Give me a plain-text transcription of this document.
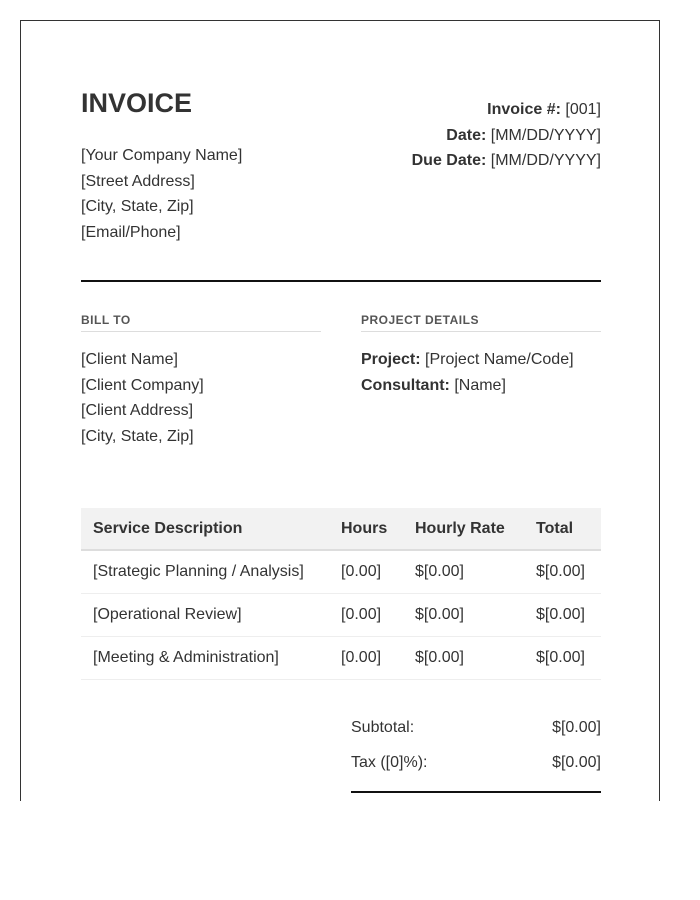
INVOICE
[Your Company Name]
[Street Address]
[City, State, Zip]
[Email/Phone]
Invoice #: [001]
Date: [MM/DD/YYYY]
Due Date: [MM/DD/YYYY]
BILL TO
[Client Name]
[Client Company]
[Client Address]
[City, State, Zip]
PROJECT DETAILS
Project: [Project Name/Code]
Consultant: [Name]
Service Description	Hours	Hourly Rate	Total
[Strategic Planning / Analysis]	[0.00]	$[0.00]	$[0.00]
[Operational Review]	[0.00]	$[0.00]	$[0.00]
[Meeting & Administration]	[0.00]	$[0.00]	$[0.00]
Subtotal:	$[0.00]
Tax ([0]%):	$[0.00]
